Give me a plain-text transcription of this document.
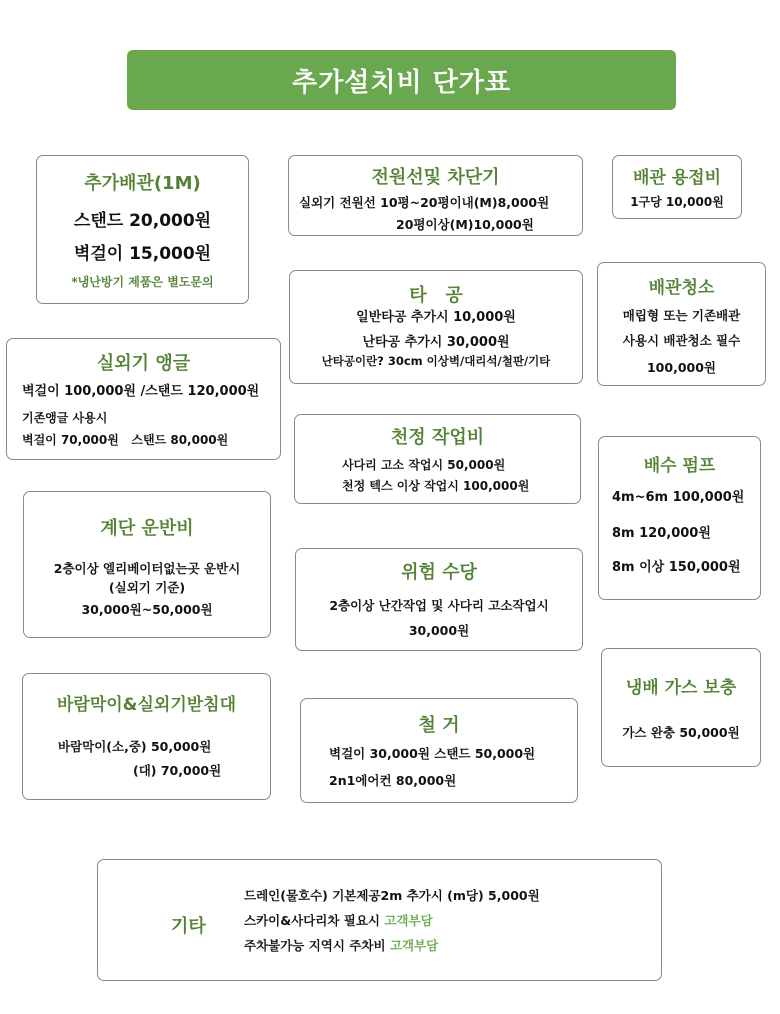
추가설치비 단가표
추가배관(1M)
스탠드 20,000원
벽걸이 15,000원
*냉난방기 제품은 별도문의
전원선및 차단기
실외기 전원선 10평~20평이내(M)8,000원
20평이상(M)10,000원
배관 용접비
1구당 10,000원
실외기 앵글
벽걸이 100,000원 /스탠드 120,000원
기존앵글 사용시
벽걸이 70,000원   스탠드 80,000원
타   공
일반타공 추가시 10,000원
난타공 추가시 30,000원
난타공이란? 30cm 이상벽/대리석/철판/기타
배관청소
매립형 또는 기존배관
사용시 배관청소 필수
100,000원
천정 작업비
사다리 고소 작업시 50,000원
천정 텍스 이상 작업시 100,000원
배수 펌프
4m~6m 100,000원
8m 120,000원
8m 이상 150,000원
계단 운반비
2층이상 엘리베이터없는곳 운반시
(실외기 기준)
30,000원~50,000원
위험 수당
2층이상 난간작업 및 사다리 고소작업시
30,000원
냉배 가스 보충
가스 완충 50,000원
바람막이&실외기받침대
바람막이(소,중) 50,000원
(대) 70,000원
철 거
벽걸이 30,000원 스탠드 50,000원
2n1에어컨 80,000원
기타
드레인(물호수) 기본제공2m 추가시 (m당) 5,000원
스카이&사다리차 필요시 고객부담
주차불가능 지역시 주차비 고객부담
